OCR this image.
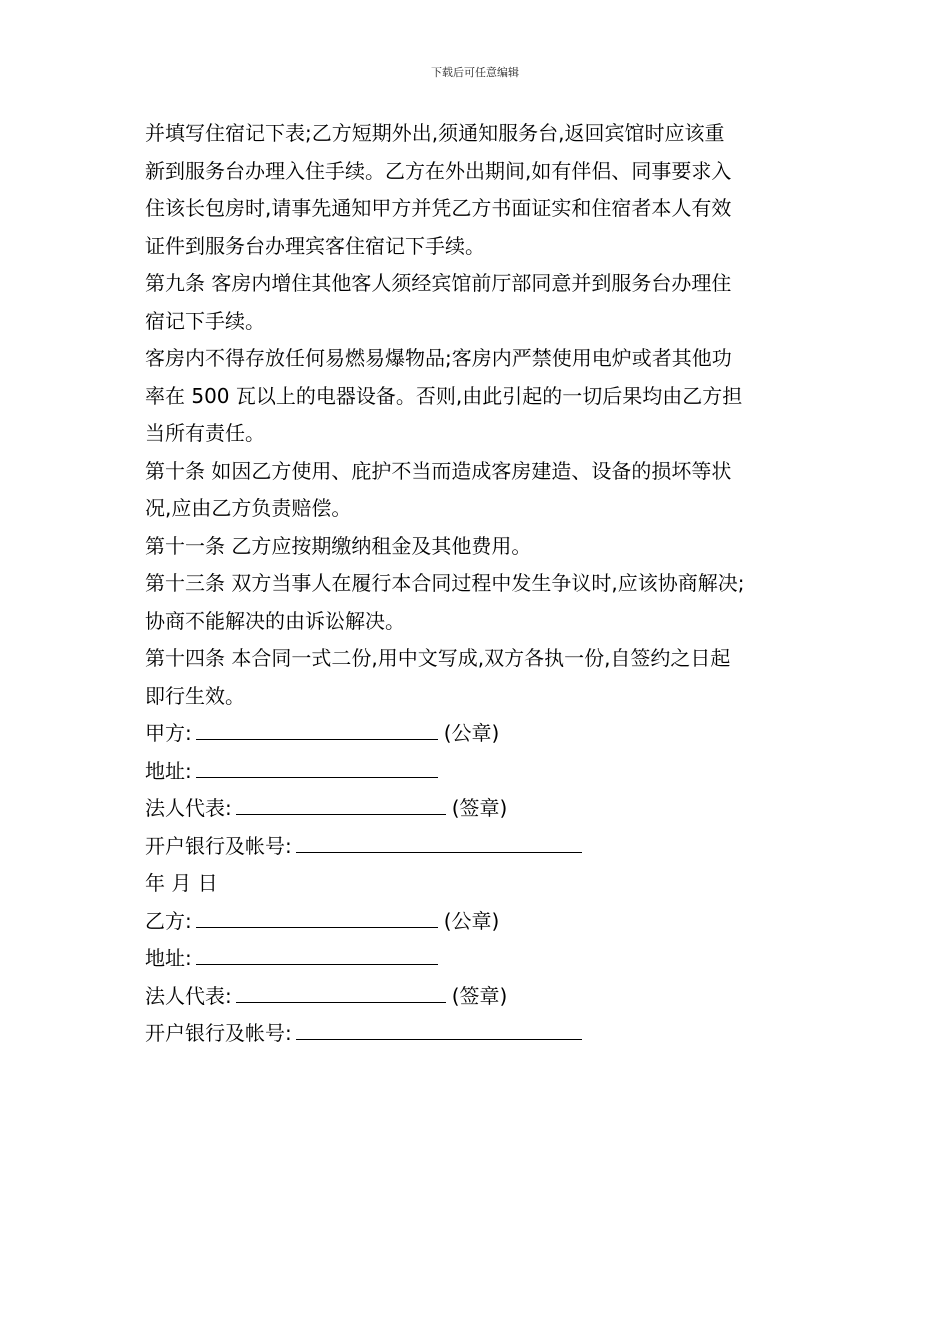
下载后可任意编辑
并填写住宿记下表;乙方短期外出,须通知服务台,返回宾馆时应该重
新到服务台办理入住手续。乙方在外出期间,如有伴侣、同事要求入
住该长包房时,请事先通知甲方并凭乙方书面证实和住宿者本人有效
证件到服务台办理宾客住宿记下手续。
第九条 客房内增住其他客人须经宾馆前厅部同意并到服务台办理住
宿记下手续。
客房内不得存放任何易燃易爆物品;客房内严禁使用电炉或者其他功
率在 500 瓦以上的电器设备。否则,由此引起的一切后果均由乙方担
当所有责任。
第十条 如因乙方使用、庇护不当而造成客房建造、设备的损坏等状
况,应由乙方负责赔偿。
第十一条 乙方应按期缴纳租金及其他费用。
第十三条 双方当事人在履行本合同过程中发生争议时,应该协商解决;
协商不能解决的由诉讼解决。
第十四条 本合同一式二份,用中文写成,双方各执一份,自签约之日起
即行生效。
甲方:	(公章)
地址:
法人代表:	(签章)
开户银行及帐号:
年 月 日
乙方:	(公章)
地址:
法人代表:	(签章)
开户银行及帐号:
